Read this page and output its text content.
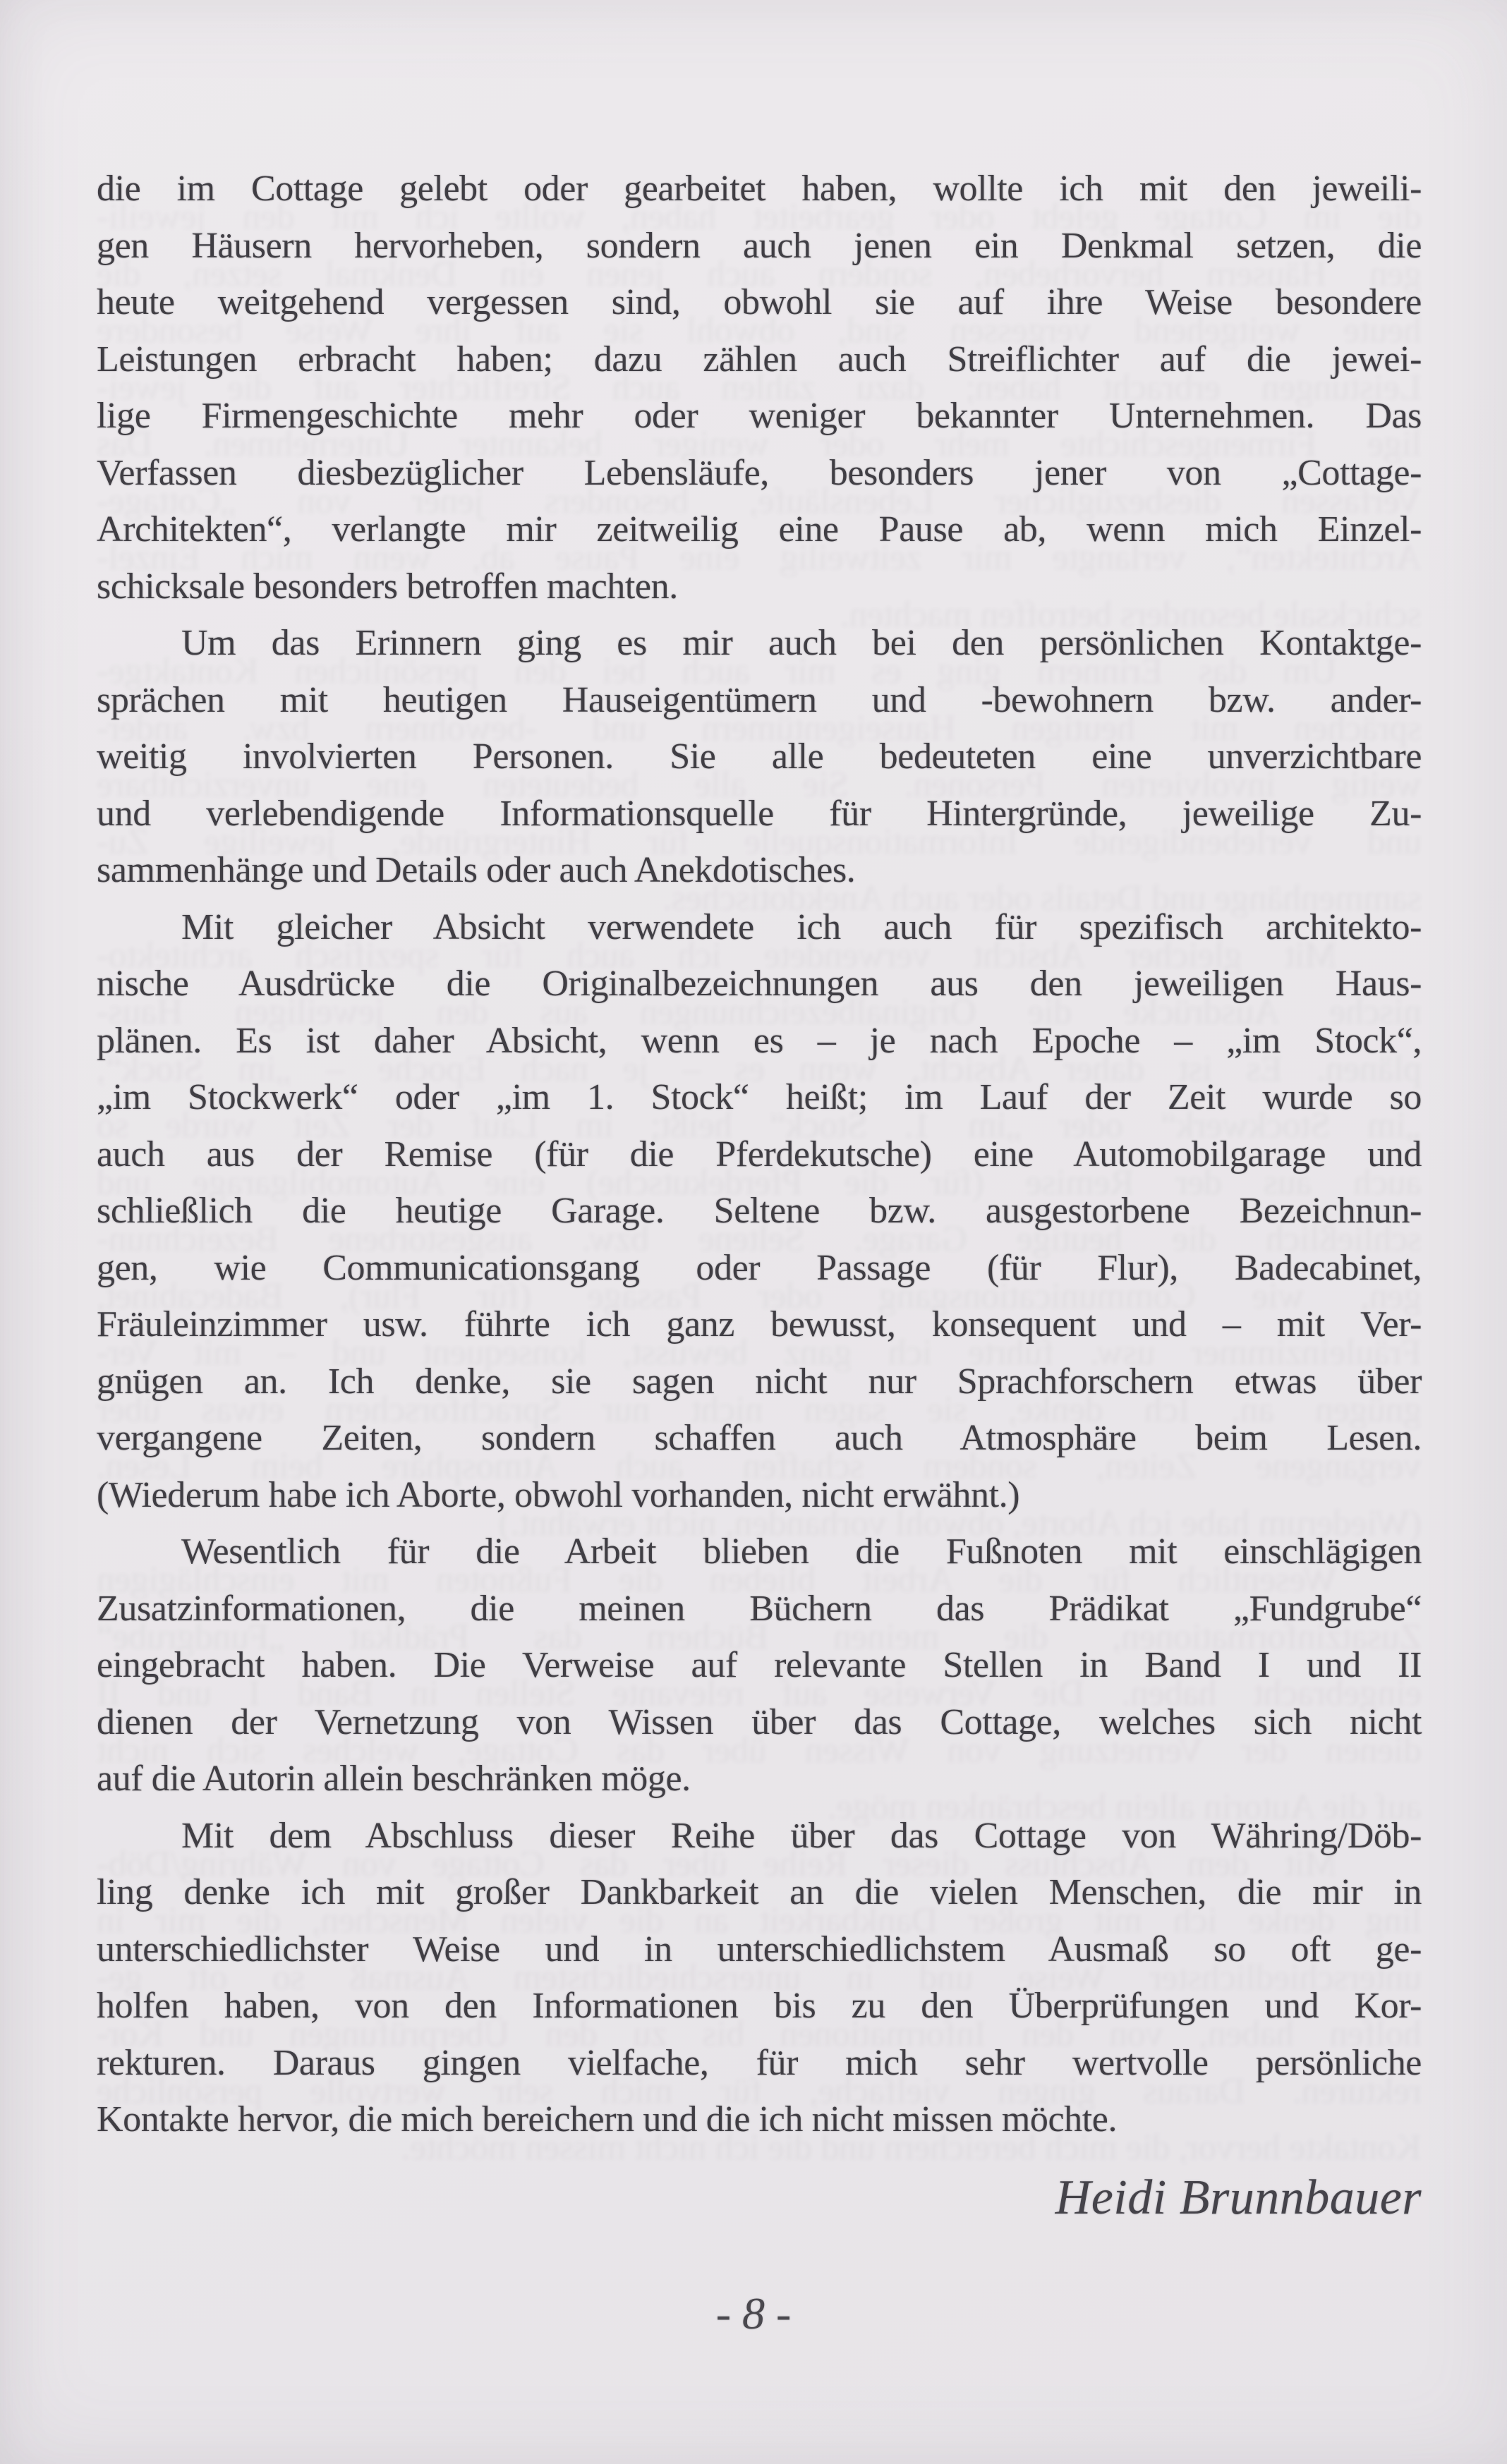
die im Cottage gelebt oder gearbeitet haben, wollte ich mit den jeweili-
gen Häusern hervorheben, sondern auch jenen ein Denkmal setzen, die
heute weitgehend vergessen sind, obwohl sie auf ihre Weise besondere
Leistungen erbracht haben; dazu zählen auch Streiflichter auf die jewei-
lige Firmengeschichte mehr oder weniger bekannter Unternehmen. Das
Verfassen diesbezüglicher Lebensläufe, besonders jener von „Cottage-
Architekten“, verlangte mir zeitweilig eine Pause ab, wenn mich Einzel-
schicksale besonders betroffen machten.
Um das Erinnern ging es mir auch bei den persönlichen Kontaktge-
sprächen mit heutigen Hauseigentümern und -bewohnern bzw. ander-
weitig involvierten Personen. Sie alle bedeuteten eine unverzichtbare
und verlebendigende Informationsquelle für Hintergründe, jeweilige Zu-
sammenhänge und Details oder auch Anekdotisches.
Mit gleicher Absicht verwendete ich auch für spezifisch architekto-
nische Ausdrücke die Originalbezeichnungen aus den jeweiligen Haus-
plänen. Es ist daher Absicht, wenn es – je nach Epoche – „im Stock“,
„im Stockwerk“ oder „im 1. Stock“ heißt; im Lauf der Zeit wurde so
auch aus der Remise (für die Pferdekutsche) eine Automobilgarage und
schließlich die heutige Garage. Seltene bzw. ausgestorbene Bezeichnun-
gen, wie Communicationsgang oder Passage (für Flur), Badecabinet,
Fräuleinzimmer usw. führte ich ganz bewusst, konsequent und – mit Ver-
gnügen an. Ich denke, sie sagen nicht nur Sprachforschern etwas über
vergangene Zeiten, sondern schaffen auch Atmosphäre beim Lesen.
(Wiederum habe ich Aborte, obwohl vorhanden, nicht erwähnt.)
Wesentlich für die Arbeit blieben die Fußnoten mit einschlägigen
Zusatzinformationen, die meinen Büchern das Prädikat „Fundgrube“
eingebracht haben. Die Verweise auf relevante Stellen in Band I und II
dienen der Vernetzung von Wissen über das Cottage, welches sich nicht
auf die Autorin allein beschränken möge.
Mit dem Abschluss dieser Reihe über das Cottage von Währing/Döb-
ling denke ich mit großer Dankbarkeit an die vielen Menschen, die mir in
unterschiedlichster Weise und in unterschiedlichstem Ausmaß so oft ge-
holfen haben, von den Informationen bis zu den Überprüfungen und Kor-
rekturen. Daraus gingen vielfache, für mich sehr wertvolle persönliche
Kontakte hervor, die mich bereichern und die ich nicht missen möchte.
die im Cottage gelebt oder gearbeitet haben, wollte ich mit den jeweili-
gen Häusern hervorheben, sondern auch jenen ein Denkmal setzen, die
heute weitgehend vergessen sind, obwohl sie auf ihre Weise besondere
Leistungen erbracht haben; dazu zählen auch Streiflichter auf die jewei-
lige Firmengeschichte mehr oder weniger bekannter Unternehmen. Das
Verfassen diesbezüglicher Lebensläufe, besonders jener von „Cottage-
Architekten“, verlangte mir zeitweilig eine Pause ab, wenn mich Einzel-
schicksale besonders betroffen machten.
Um das Erinnern ging es mir auch bei den persönlichen Kontaktge-
sprächen mit heutigen Hauseigentümern und -bewohnern bzw. ander-
weitig involvierten Personen. Sie alle bedeuteten eine unverzichtbare
und verlebendigende Informationsquelle für Hintergründe, jeweilige Zu-
sammenhänge und Details oder auch Anekdotisches.
Mit gleicher Absicht verwendete ich auch für spezifisch architekto-
nische Ausdrücke die Originalbezeichnungen aus den jeweiligen Haus-
plänen. Es ist daher Absicht, wenn es – je nach Epoche – „im Stock“,
„im Stockwerk“ oder „im 1. Stock“ heißt; im Lauf der Zeit wurde so
auch aus der Remise (für die Pferdekutsche) eine Automobilgarage und
schließlich die heutige Garage. Seltene bzw. ausgestorbene Bezeichnun-
gen, wie Communicationsgang oder Passage (für Flur), Badecabinet,
Fräuleinzimmer usw. führte ich ganz bewusst, konsequent und – mit Ver-
gnügen an. Ich denke, sie sagen nicht nur Sprachforschern etwas über
vergangene Zeiten, sondern schaffen auch Atmosphäre beim Lesen.
(Wiederum habe ich Aborte, obwohl vorhanden, nicht erwähnt.)
Wesentlich für die Arbeit blieben die Fußnoten mit einschlägigen
Zusatzinformationen, die meinen Büchern das Prädikat „Fundgrube“
eingebracht haben. Die Verweise auf relevante Stellen in Band I und II
dienen der Vernetzung von Wissen über das Cottage, welches sich nicht
auf die Autorin allein beschränken möge.
Mit dem Abschluss dieser Reihe über das Cottage von Währing/Döb-
ling denke ich mit großer Dankbarkeit an die vielen Menschen, die mir in
unterschiedlichster Weise und in unterschiedlichstem Ausmaß so oft ge-
holfen haben, von den Informationen bis zu den Überprüfungen und Kor-
rekturen. Daraus gingen vielfache, für mich sehr wertvolle persönliche
Kontakte hervor, die mich bereichern und die ich nicht missen möchte.
Heidi Brunnbauer
- 8 -
